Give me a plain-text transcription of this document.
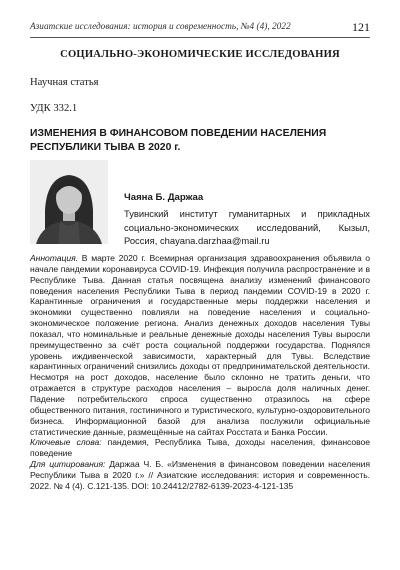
Азиатские исследования: история и современность, №4 (4), 2022	121
СОЦИАЛЬНО-ЭКОНОМИЧЕСКИЕ ИССЛЕДОВАНИЯ
Научная статья
УДК 332.1
ИЗМЕНЕНИЯ В ФИНАНСОВОМ ПОВЕДЕНИИ НАСЕЛЕНИЯ
РЕСПУБЛИКИ ТЫВА В 2020 г.
Чаяна Б. Даржаа
Тувинский институт гуманитарных и прикладных социально-экономических исследований, Кызыл, Россия, chayana.darzhaa@mail.ru

Аннотация. В марте 2020 г. Всемирная организация здравоохранения объявила о начале пандемии коронавируса COVID-19. Инфекция получила распространение и в Республике Тыва. Данная статья посвящена анализу изменений финансового поведения населения Республики Тыва в период пандемии COVID-19 в 2020 г. Карантинные ограничения и государственные меры поддержки населения и экономики существенно повлияли на поведение населения и социально-экономическое положение региона. Анализ денежных доходов населения Тувы показал, что номинальные и реальные денежные доходы населения Тувы выросли преимущественно за счёт роста социальной поддержки государства. Поднялся уровень иждивенческой зависимости, характерный для Тувы. Вследствие карантинных ограничений снизились доходы от предпринимательской деятельности. Несмотря на рост доходов, население было склонно не тратить деньги, что отражается в структуре расходов населения – выросла доля наличных денег. Падение потребительского спроса существенно отразилось на сфере общественного питания, гостиничного и туристического, культурно-оздоровительного бизнеса. Информационной базой для анализа послужили официальные статистические данные, размещённые на сайтах Росстата и Банка России.

Ключевые слова: пандемия, Республика Тыва, доходы населения, финансовое поведение

Для цитирования: Даржаа Ч. Б. «Изменения в финансовом поведении населения Республики Тыва в 2020 г.» // Азиатские исследования: история и современность. 2022. № 4 (4). С.121-135. DOI: 10.24412/2782-6139-2023-4-121-135
